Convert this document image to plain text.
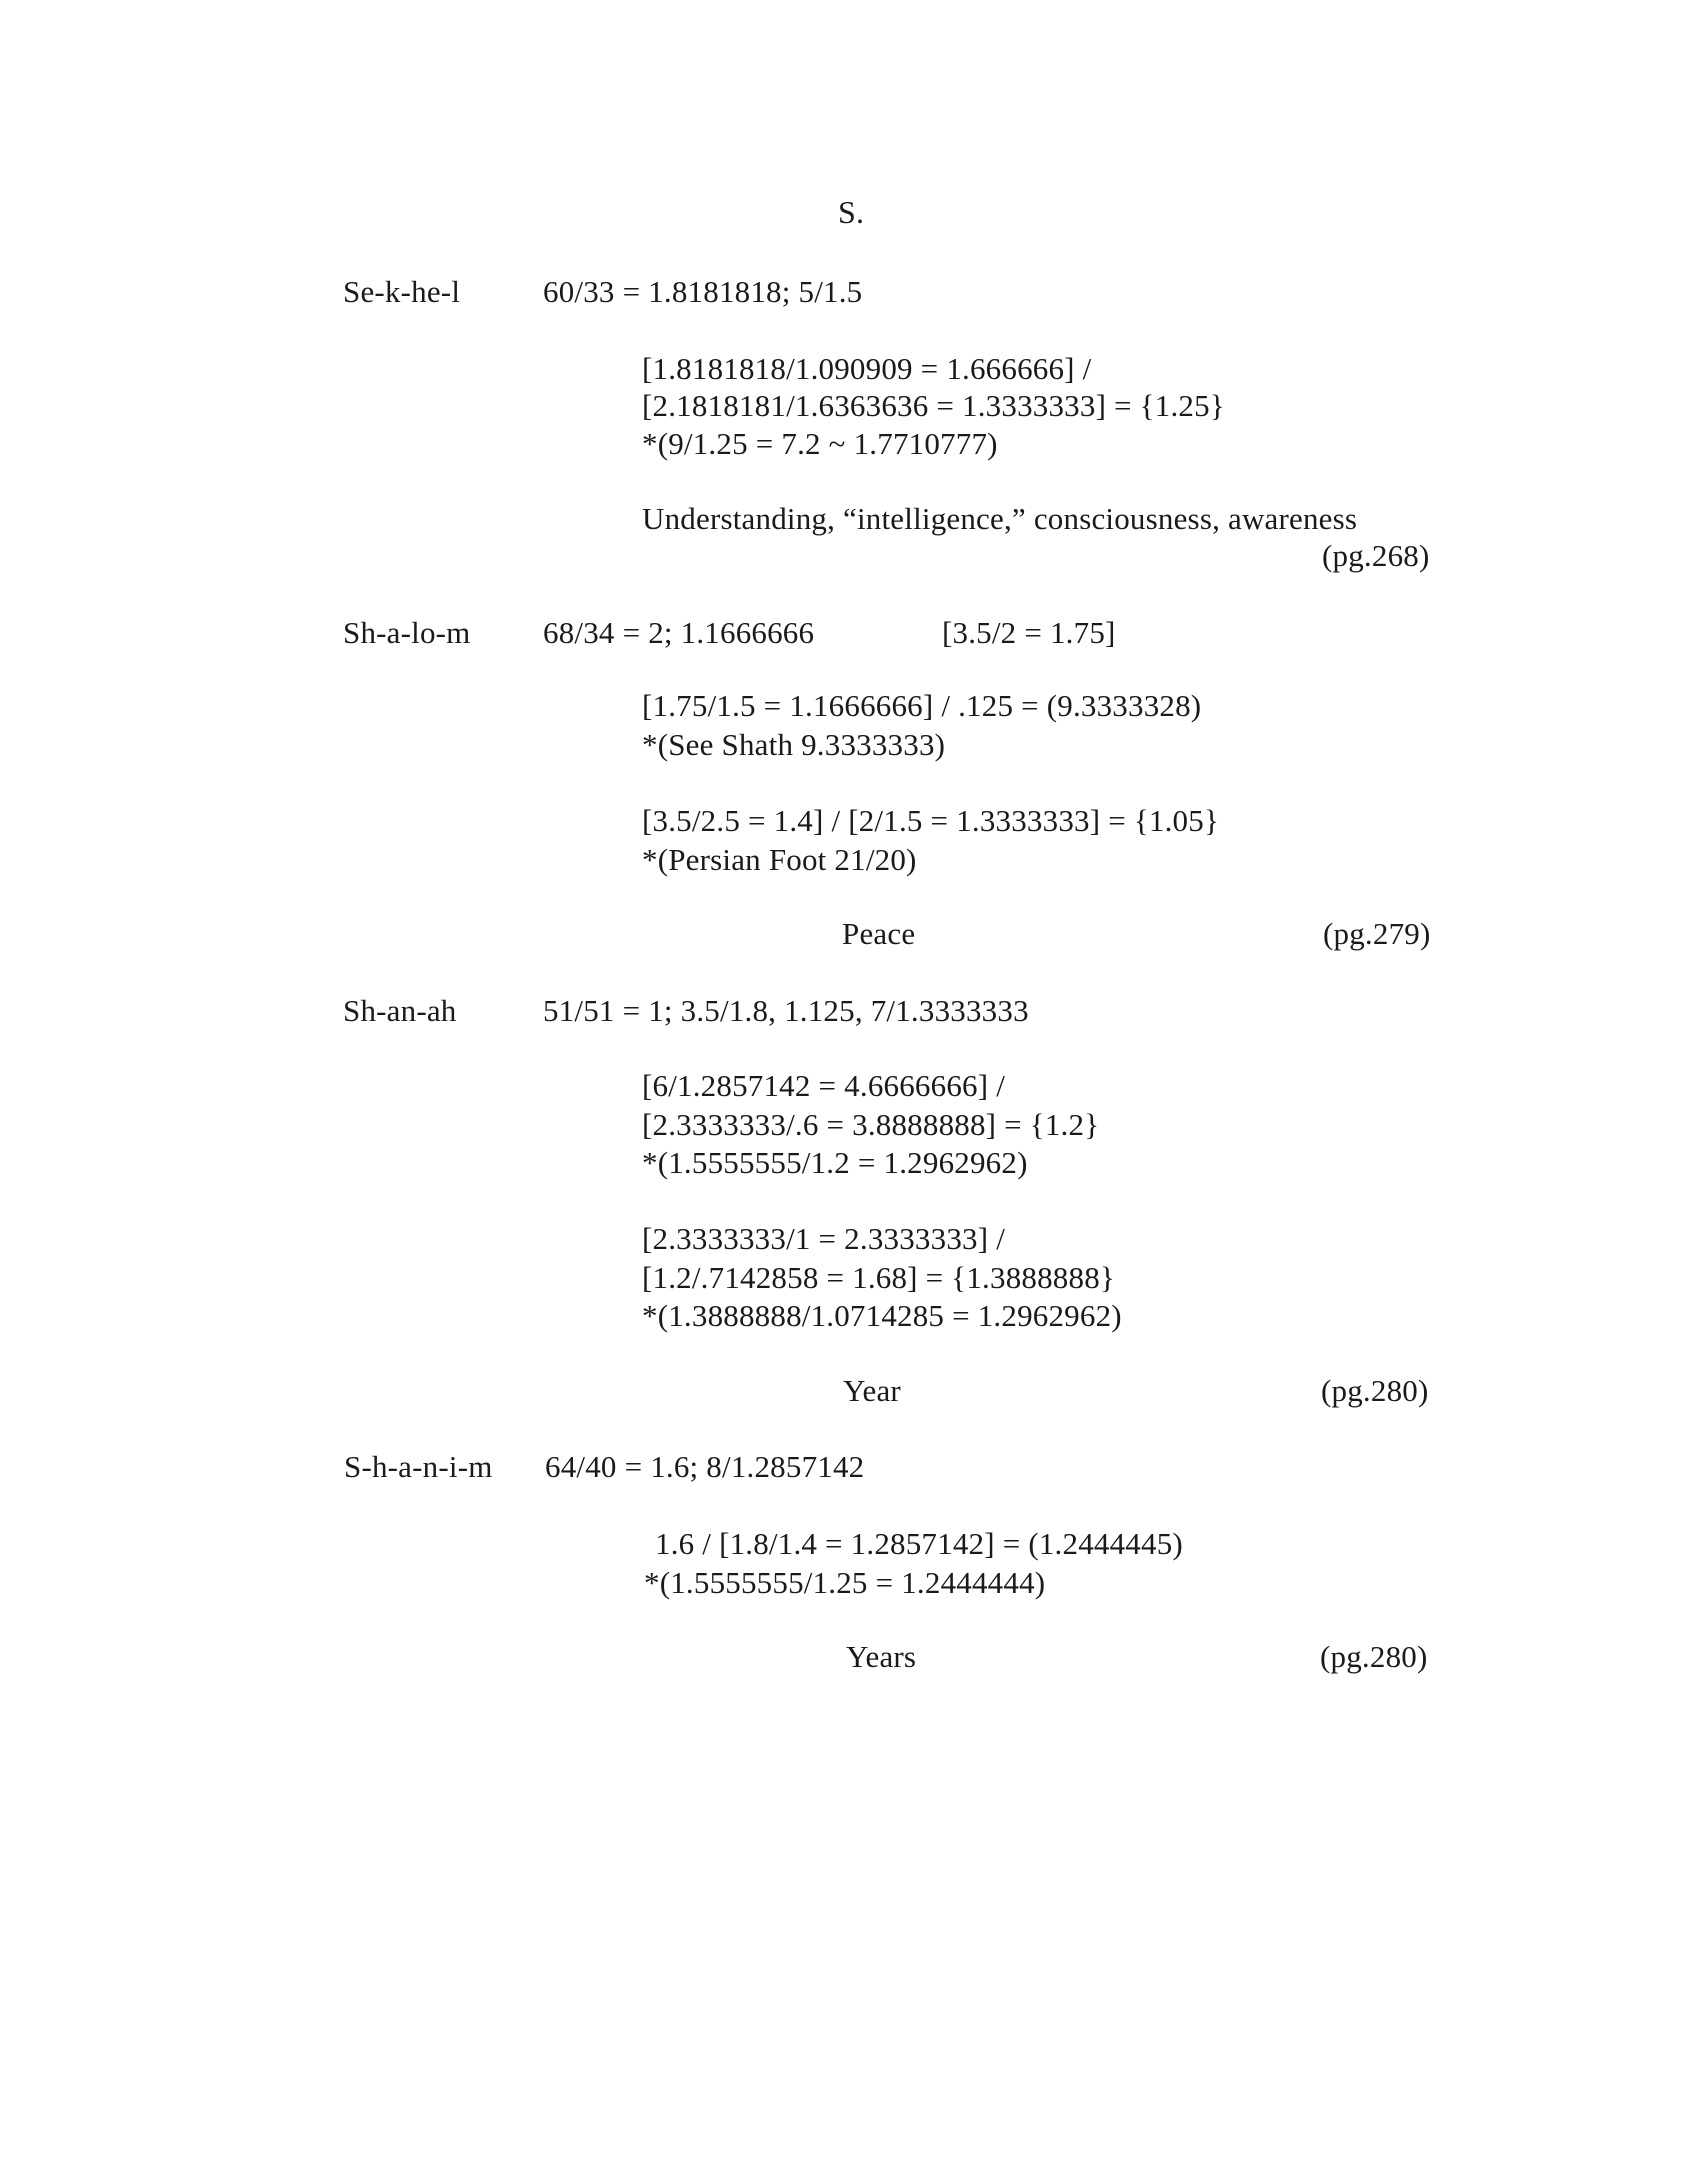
S.
Se-k-he-l	60/33 = 1.8181818; 5/1.5
[1.8181818/1.090909 = 1.666666] /
[2.1818181/1.6363636 = 1.3333333] = {1.25}
*(9/1.25 = 7.2 ~ 1.7710777)
Understanding, “intelligence,” consciousness, awareness
(pg.268)
Sh-a-lo-m 68/34 = 2; 1.1666666	[3.5/2 = 1.75]
[1.75/1.5 = 1.1666666] / .125 = (9.3333328)
*(See Shath 9.3333333)
[3.5/2.5 = 1.4] / [2/1.5 = 1.3333333] = {1.05}
*(Persian Foot 21/20)
Peace	(pg.279)
Sh-an-ah	51/51 = 1; 3.5/1.8, 1.125, 7/1.3333333
[6/1.2857142 = 4.6666666] /
[2.3333333/.6 = 3.8888888] = {1.2}
*(1.5555555/1.2 = 1.2962962)
[2.3333333/1 = 2.3333333] /
[1.2/.7142858 = 1.68] = {1.3888888}
*(1.3888888/1.0714285 = 1.2962962)
Year	(pg.280)
S-h-a-n-i-m 64/40 = 1.6; 8/1.2857142
1.6 / [1.8/1.4 = 1.2857142] = (1.2444445)
*(1.5555555/1.25 = 1.2444444)
Years	(pg.280)
